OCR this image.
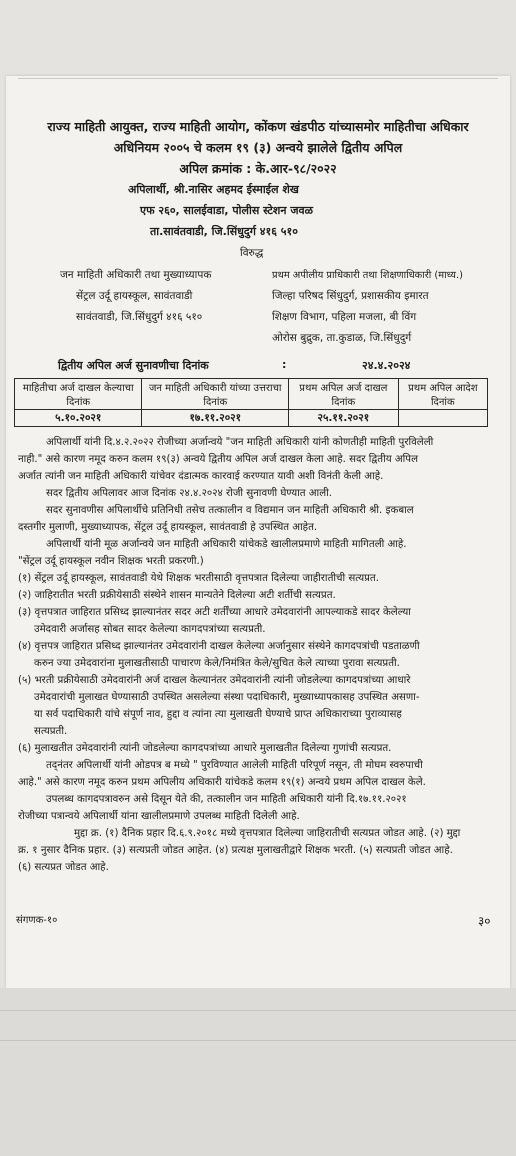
राज्य माहिती आयुक्त, राज्य माहिती आयोग, कोंकण खंडपीठ यांच्यासमोर माहितीचा अधिकार
अधिनियम २००५ चे कलम १९ (३) अन्वये झालेले द्वितीय अपिल
अपिल क्रमांक : के.आर-९८/२०२२
अपिलार्थी, श्री.नासिर अहमद ईस्माईल शेख
एफ २६०, सालईवाडा, पोलीस स्टेशन जवळ
ता.सावंतवाडी, जि.सिंधुदुर्ग ४१६ ५१०
विरुद्ध
जन माहिती अधिकारी तथा मुख्याध्यापक
सेंट्रल उर्दू हायस्कूल, सावंतवाडी
सावंतवाडी, जि.सिंधुदुर्ग ४१६ ५१०
प्रथम अपीलीय प्राधिकारी तथा शिक्षणाधिकारी (माध्य.)
जिल्हा परिषद सिंधुदुर्ग, प्रशासकीय इमारत
शिक्षण विभाग, पहिला मजला, बी विंग
ओरोस बुद्रुक, ता.कुडाळ, जि.सिंधुदुर्ग
द्वितीय अपिल अर्ज सुनावणीचा दिनांक	:	२४.४.२०२४
माहितीचा अर्ज दाखल केल्याचा दिनांक	जन माहिती अधिकारी यांच्या उत्तराचा दिनांक	प्रथम अपिल अर्ज दाखल दिनांक	प्रथम अपिल आदेश दिनांक
५.१०.२०२१	१७.११.२०२१	२५.११.२०२१	
अपिलार्थी यांनी दि.४.२.२०२२ रोजीच्या अर्जान्वये "जन माहिती अधिकारी यांनी कोणतीही माहिती पुरविलेली
नाही." असे कारण नमूद करुन कलम १९(३) अन्वये द्वितीय अपिल अर्ज दाखल केला आहे. सदर द्वितीय अपिल
अर्जात त्यांनी जन माहिती अधिकारी यांचेवर दंडात्मक कारवाई करण्यात यावी अशी विनंती केली आहे.
सदर द्वितीय अपिलावर आज दिनांक २४.४.२०२४ रोजी सुनावणी घेण्यात आली.
सदर सुनावणीस अपिलार्थीचे प्रतिनिधी तसेच तत्कालीन व विद्यमान जन माहिती अधिकारी श्री. इकबाल
दस्तगीर मुलाणी, मुख्याध्यापक, सेंट्रल उर्दू हायस्कूल, सावंतवाडी हे उपस्थित आहेत.
अपिलार्थी यांनी मूळ अर्जान्वये जन माहिती अधिकारी यांचेकडे खालीलप्रमाणे माहिती मागितली आहे.
"सेंट्रल उर्दू हायस्कूल नवीन शिक्षक भरती प्रकरणी.)
(१) सेंट्रल उर्दू हायस्कूल, सावंतवाडी येथे शिक्षक भरतीसाठी वृत्तपत्रात दिलेल्या जाहीरातीची सत्यप्रत.
(२) जाहिरातीत भरती प्रक्रीयेसाठी संस्थेने शासन मान्यतेने दिलेल्या अटी शर्तीची सत्यप्रत.
(३) वृत्तपत्रात जाहिरात प्रसिध्द झाल्यानंतर सदर अटी शर्तींच्या आधारे उमेदवारांनी आपल्याकडे सादर केलेल्या
उमेदवारी अर्जासह सोबत सादर केलेल्या कागदपत्रांच्या सत्यप्रती.
(४) वृत्तपत्र जाहिरात प्रसिध्द झाल्यानंतर उमेदवारांनी दाखल केलेल्या अर्जानुसार संस्थेने कागदपत्रांची पडताळणी
करुन ज्या उमेदवारांना मुलाखतीसाठी पाचारण केले/निमंत्रित केले/सुचित केले त्याच्या पुरावा सत्यप्रती.
(५) भरती प्रक्रीयेसाठी उमेदवारांनी अर्ज दाखल केल्यानंतर उमेदवारांनी त्यांनी जोडलेल्या कागदपत्रांच्या आधारे
उमेदवारांची मुलाखत घेण्यासाठी उपस्थित असलेल्या संस्था पदाधिकारी, मुख्याध्यापकासह उपस्थित असणा-
या सर्व पदाधिकारी यांचे संपूर्ण नाव, हुद्दा व त्यांना त्या मुलाखती घेण्याचे प्राप्त अधिकाराच्या पुराव्यासह
सत्यप्रती.
(६) मुलाखतीत उमेदवारांनी त्यांनी जोडलेल्या कागदपत्रांच्या आधारे मुलाखतीत दिलेल्या गुणांची सत्यप्रत.
तद्नंतर अपिलार्थी यांनी ओडपत्र ब मध्ये " पुरविण्यात आलेली माहिती परिपूर्ण नसून, ती मोघम स्वरुपाची
आहे." असे कारण नमूद करुन प्रथम अपिलीय अधिकारी यांचेकडे कलम १९(१) अन्वये प्रथम अपिल दाखल केले.
उपलब्ध कागदपत्रावरुन असे दिसून येते की, तत्कालीन जन माहिती अधिकारी यांनी दि.१७.११.२०२१
रोजीच्या पत्रान्वये अपिलार्थी यांना खालीलप्रमाणे उपलब्ध माहिती दिलेली आहे.
मुद्दा क्र. (१) दैनिक प्रहार दि.६.९.२०१८ मध्ये वृत्तपत्रात दिलेल्या जाहिरातीची सत्यप्रत जोडत आहे. (२) मुद्दा
क्र. १ नुसार दैनिक प्रहार. (३) सत्यप्रती जोडत आहेत. (४) प्रत्यक्ष मुलाखतीद्वारे शिक्षक भरती. (५) सत्यप्रती जोडत आहे.
(६) सत्यप्रत जोडत आहे.
संगणक-१०	३०
